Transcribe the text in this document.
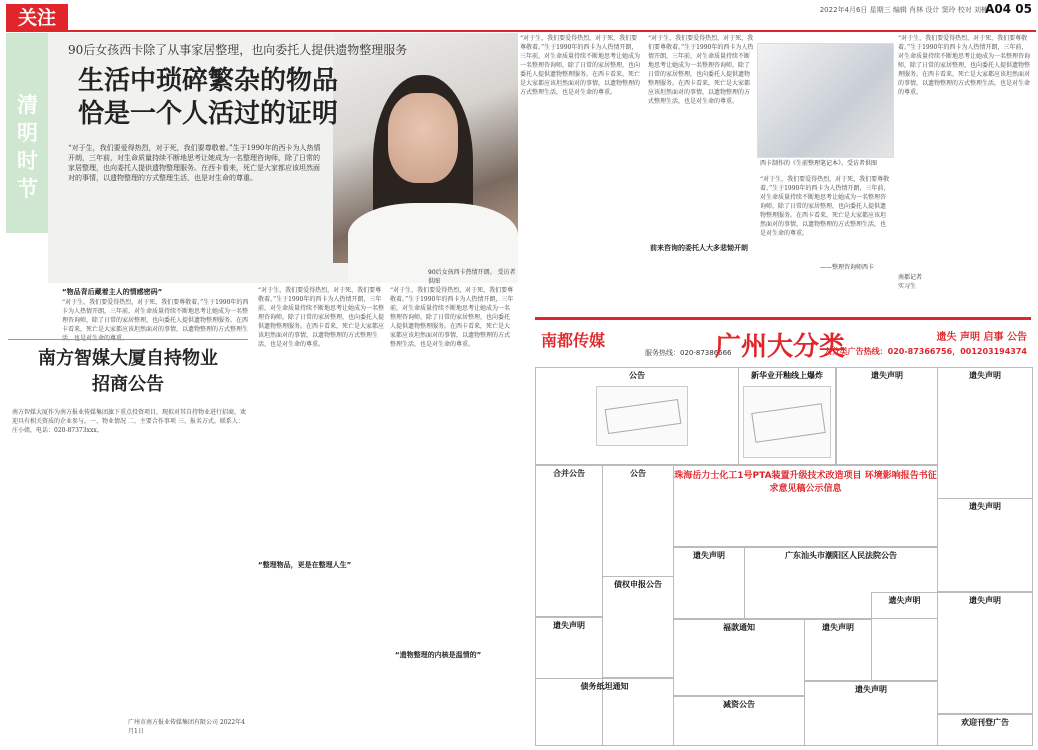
关注	2022年4月6日 星期三 编辑 肖林 设计 窦玲 校对 刘楠
A04 05
清
明
时
节
90后女孩西卡除了从事家居整理，也向委托人提供遗物整理服务
生活中琐碎繁杂的物品
恰是一个人活过的证明
“对于生，我们要爱得热烈，对于死，我们要尊敬着。”生于1990年的西卡为人热情开朗，三年前，对生命质量持续不断地思考让她成为一名整理咨询师，除了日常的家居整理，也向委托人提供遗物整理服务。在西卡看来，死亡是大家都应该坦然面对的事情，以遗物整理的方式整理生活，也是对生命的尊重。
90后女孩西卡热情开朗。 受访者供图
“物品背后藏着主人的情感密码”
“对于生，我们要爱得热烈，对于死，我们要尊敬着。”生于1990年的西卡为人热情开朗，三年前，对生命质量持续不断地思考让她成为一名整理咨询师，除了日常的家居整理，也向委托人提供遗物整理服务。在西卡看来，死亡是大家都应该坦然面对的事情，以遗物整理的方式整理生活，也是对生命的尊重。
“对于生，我们要爱得热烈，对于死，我们要尊敬着。”生于1990年的西卡为人热情开朗，三年前，对生命质量持续不断地思考让她成为一名整理咨询师，除了日常的家居整理，也向委托人提供遗物整理服务。在西卡看来，死亡是大家都应该坦然面对的事情，以遗物整理的方式整理生活，也是对生命的尊重。
“整理物品，更是在整理人生”
“对于生，我们要爱得热烈，对于死，我们要尊敬着。”生于1990年的西卡为人热情开朗，三年前，对生命质量持续不断地思考让她成为一名整理咨询师，除了日常的家居整理，也向委托人提供遗物整理服务。在西卡看来，死亡是大家都应该坦然面对的事情，以遗物整理的方式整理生活，也是对生命的尊重。
“遗物整理的内核是温情的”
“对于生，我们要爱得热烈，对于死，我们要尊敬着。”生于1990年的西卡为人热情开朗，三年前，对生命质量持续不断地思考让她成为一名整理咨询师，除了日常的家居整理，也向委托人提供遗物整理服务。在西卡看来，死亡是大家都应该坦然面对的事情，以遗物整理的方式整理生活，也是对生命的尊重。
“对于生，我们要爱得热烈，对于死，我们要尊敬着。”生于1990年的西卡为人热情开朗，三年前，对生命质量持续不断地思考让她成为一名整理咨询师，除了日常的家居整理，也向委托人提供遗物整理服务。在西卡看来，死亡是大家都应该坦然面对的事情，以遗物整理的方式整理生活，也是对生命的尊重。
前来咨询的委托人大多悲恸开朗
西卡制作的《生前整理笔记本》。受访者供图
“对于生，我们要爱得热烈，对于死，我们要尊敬着。”生于1990年的西卡为人热情开朗，三年前，对生命质量持续不断地思考让她成为一名整理咨询师，除了日常的家居整理，也向委托人提供遗物整理服务。在西卡看来，死亡是大家都应该坦然面对的事情，以遗物整理的方式整理生活，也是对生命的尊重。
——整理咨询师西卡
“对于生，我们要爱得热烈，对于死，我们要尊敬着。”生于1990年的西卡为人热情开朗，三年前，对生命质量持续不断地思考让她成为一名整理咨询师，除了日常的家居整理，也向委托人提供遗物整理服务。在西卡看来，死亡是大家都应该坦然面对的事情，以遗物整理的方式整理生活，也是对生命的尊重。
南都记者
实习生
南方智媒大厦自持物业
招商公告
南方智媒大厦作为南方报业传媒集团旗下重点投资项目，现拟对其自持物业进行招商，欢迎具有相关资质的企业参与。一、物业情况 二、主要合作事项 三、报名方式。联系人：庄小姐，电话：020-87373xxx。
广州市南方报业传媒集团有限公司 2022年4月1日
南都传媒
服务热线：020-87386666
广州大分类	遗失 声明 启事 公告
大分类广告热线：020-87366756，001203194374
公告	新华业开釉线上爆炸	遗失声明	遗失声明
合并公告	公告	珠海岳力士化工1号PTA装置升级技术改造项目 环境影响报告书征求意见稿公示信息
遗失声明
遗失声明	广东汕头市潮阳区人民法院公告
债权申报公告
遗失声明	福款通知	遗失声明
遗失声明	遗失声明
债务纸坦通知
减资公告
遗失声明
欢迎刊登广告
